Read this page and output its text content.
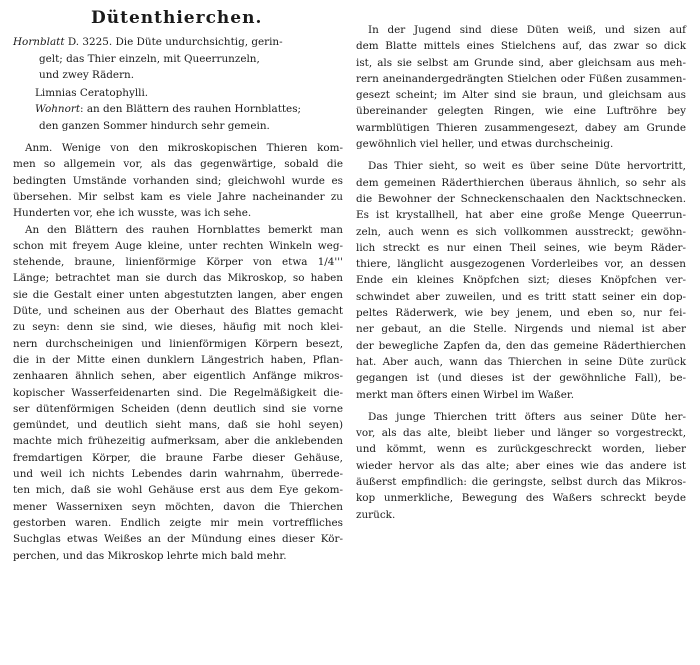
Dütenthierchen.

Hornblatt D. 3225. Die Düte undurchsichtig, gerin-

gelt; das Thier einzeln, mit Queerrunzeln,

und zwey Rädern.

Limnias Ceratophylli.

Wohnort: an den Blättern des rauhen Hornblattes;

den ganzen Sommer hindurch sehr gemein.

Anm. Wenige von den mikroskopischen Thieren kom-
men so allgemein vor, als das gegenwärtige, sobald die
bedingten Umstände vorhanden sind; gleichwohl wurde es
übersehen. Mir selbst kam es viele Jahre nacheinander zu
Hunderten vor, ehe ich wusste, was ich sehe.
An den Blättern des rauhen Hornblattes bemerkt man
schon mit freyem Auge kleine, unter rechten Winkeln weg-
stehende, braune, linienförmige Körper von etwa 1/4'''
Länge; betrachtet man sie durch das Mikroskop, so haben
sie die Gestalt einer unten abgestutzten langen, aber engen
Düte, und scheinen aus der Oberhaut des Blattes gemacht
zu seyn: denn sie sind, wie dieses, häufig mit noch klei-
nern durchscheinigen und linienförmigen Körpern besezt,
die in der Mitte einen dunklern Längestrich haben, Pflan-
zenhaaren ähnlich sehen, aber eigentlich Anfänge mikros-
kopischer Wasserfeidenarten sind. Die Regelmäßigkeit die-
ser dütenförmigen Scheiden (denn deutlich sind sie vorne
gemündet, und deutlich sieht mans, daß sie hohl seyen)
machte mich frühezeitig aufmerksam, aber die anklebenden
fremdartigen Körper, die braune Farbe dieser Gehäuse,
und weil ich nichts Lebendes darin wahrnahm, überrede-
ten mich, daß sie wohl Gehäuse erst aus dem Eye gekom-
mener Wassernixen seyn möchten, davon die Thierchen
gestorben waren. Endlich zeigte mir mein vortreffliches
Suchglas etwas Weißes an der Mündung eines dieser Kör-
perchen, und das Mikroskop lehrte mich bald mehr.
In der Jugend sind diese Düten weiß, und sizen auf
dem Blatte mittels eines Stielchens auf, das zwar so dick
ist, als sie selbst am Grunde sind, aber gleichsam aus meh-
rern aneinandergedrängten Stielchen oder Füßen zusammen-
gesezt scheint; im Alter sind sie braun, und gleichsam aus
übereinander gelegten Ringen, wie eine Luftröhre bey
warmblütigen Thieren zusammengesezt, dabey am Grunde
gewöhnlich viel heller, und etwas durchscheinig.
Das Thier sieht, so weit es über seine Düte hervortritt,
dem gemeinen Räderthierchen überaus ähnlich, so sehr als
die Bewohner der Schneckenschaalen den Nacktschnecken.
Es ist krystallhell, hat aber eine große Menge Queerrun-
zeln, auch wenn es sich vollkommen ausstreckt; gewöhn-
lich streckt es nur einen Theil seines, wie beym Räder-
thiere, länglicht ausgezogenen Vorderleibes vor, an dessen
Ende ein kleines Knöpfchen sizt; dieses Knöpfchen ver-
schwindet aber zuweilen, und es tritt statt seiner ein dop-
peltes Räderwerk, wie bey jenem, und eben so, nur fei-
ner gebaut, an die Stelle. Nirgends und niemal ist aber
der bewegliche Zapfen da, den das gemeine Räderthierchen
hat. Aber auch, wann das Thierchen in seine Düte zurück
gegangen ist (und dieses ist der gewöhnliche Fall), be-
merkt man öfters einen Wirbel im Waßer.
Das junge Thierchen tritt öfters aus seiner Düte her-
vor, als das alte, bleibt lieber und länger so vorgestreckt,
und kömmt, wenn es zurückgeschreckt worden, lieber
wieder hervor als das alte; aber eines wie das andere ist
äußerst empfindlich: die geringste, selbst durch das Mikros-
kop unmerkliche, Bewegung des Waßers schreckt beyde
zurück.
